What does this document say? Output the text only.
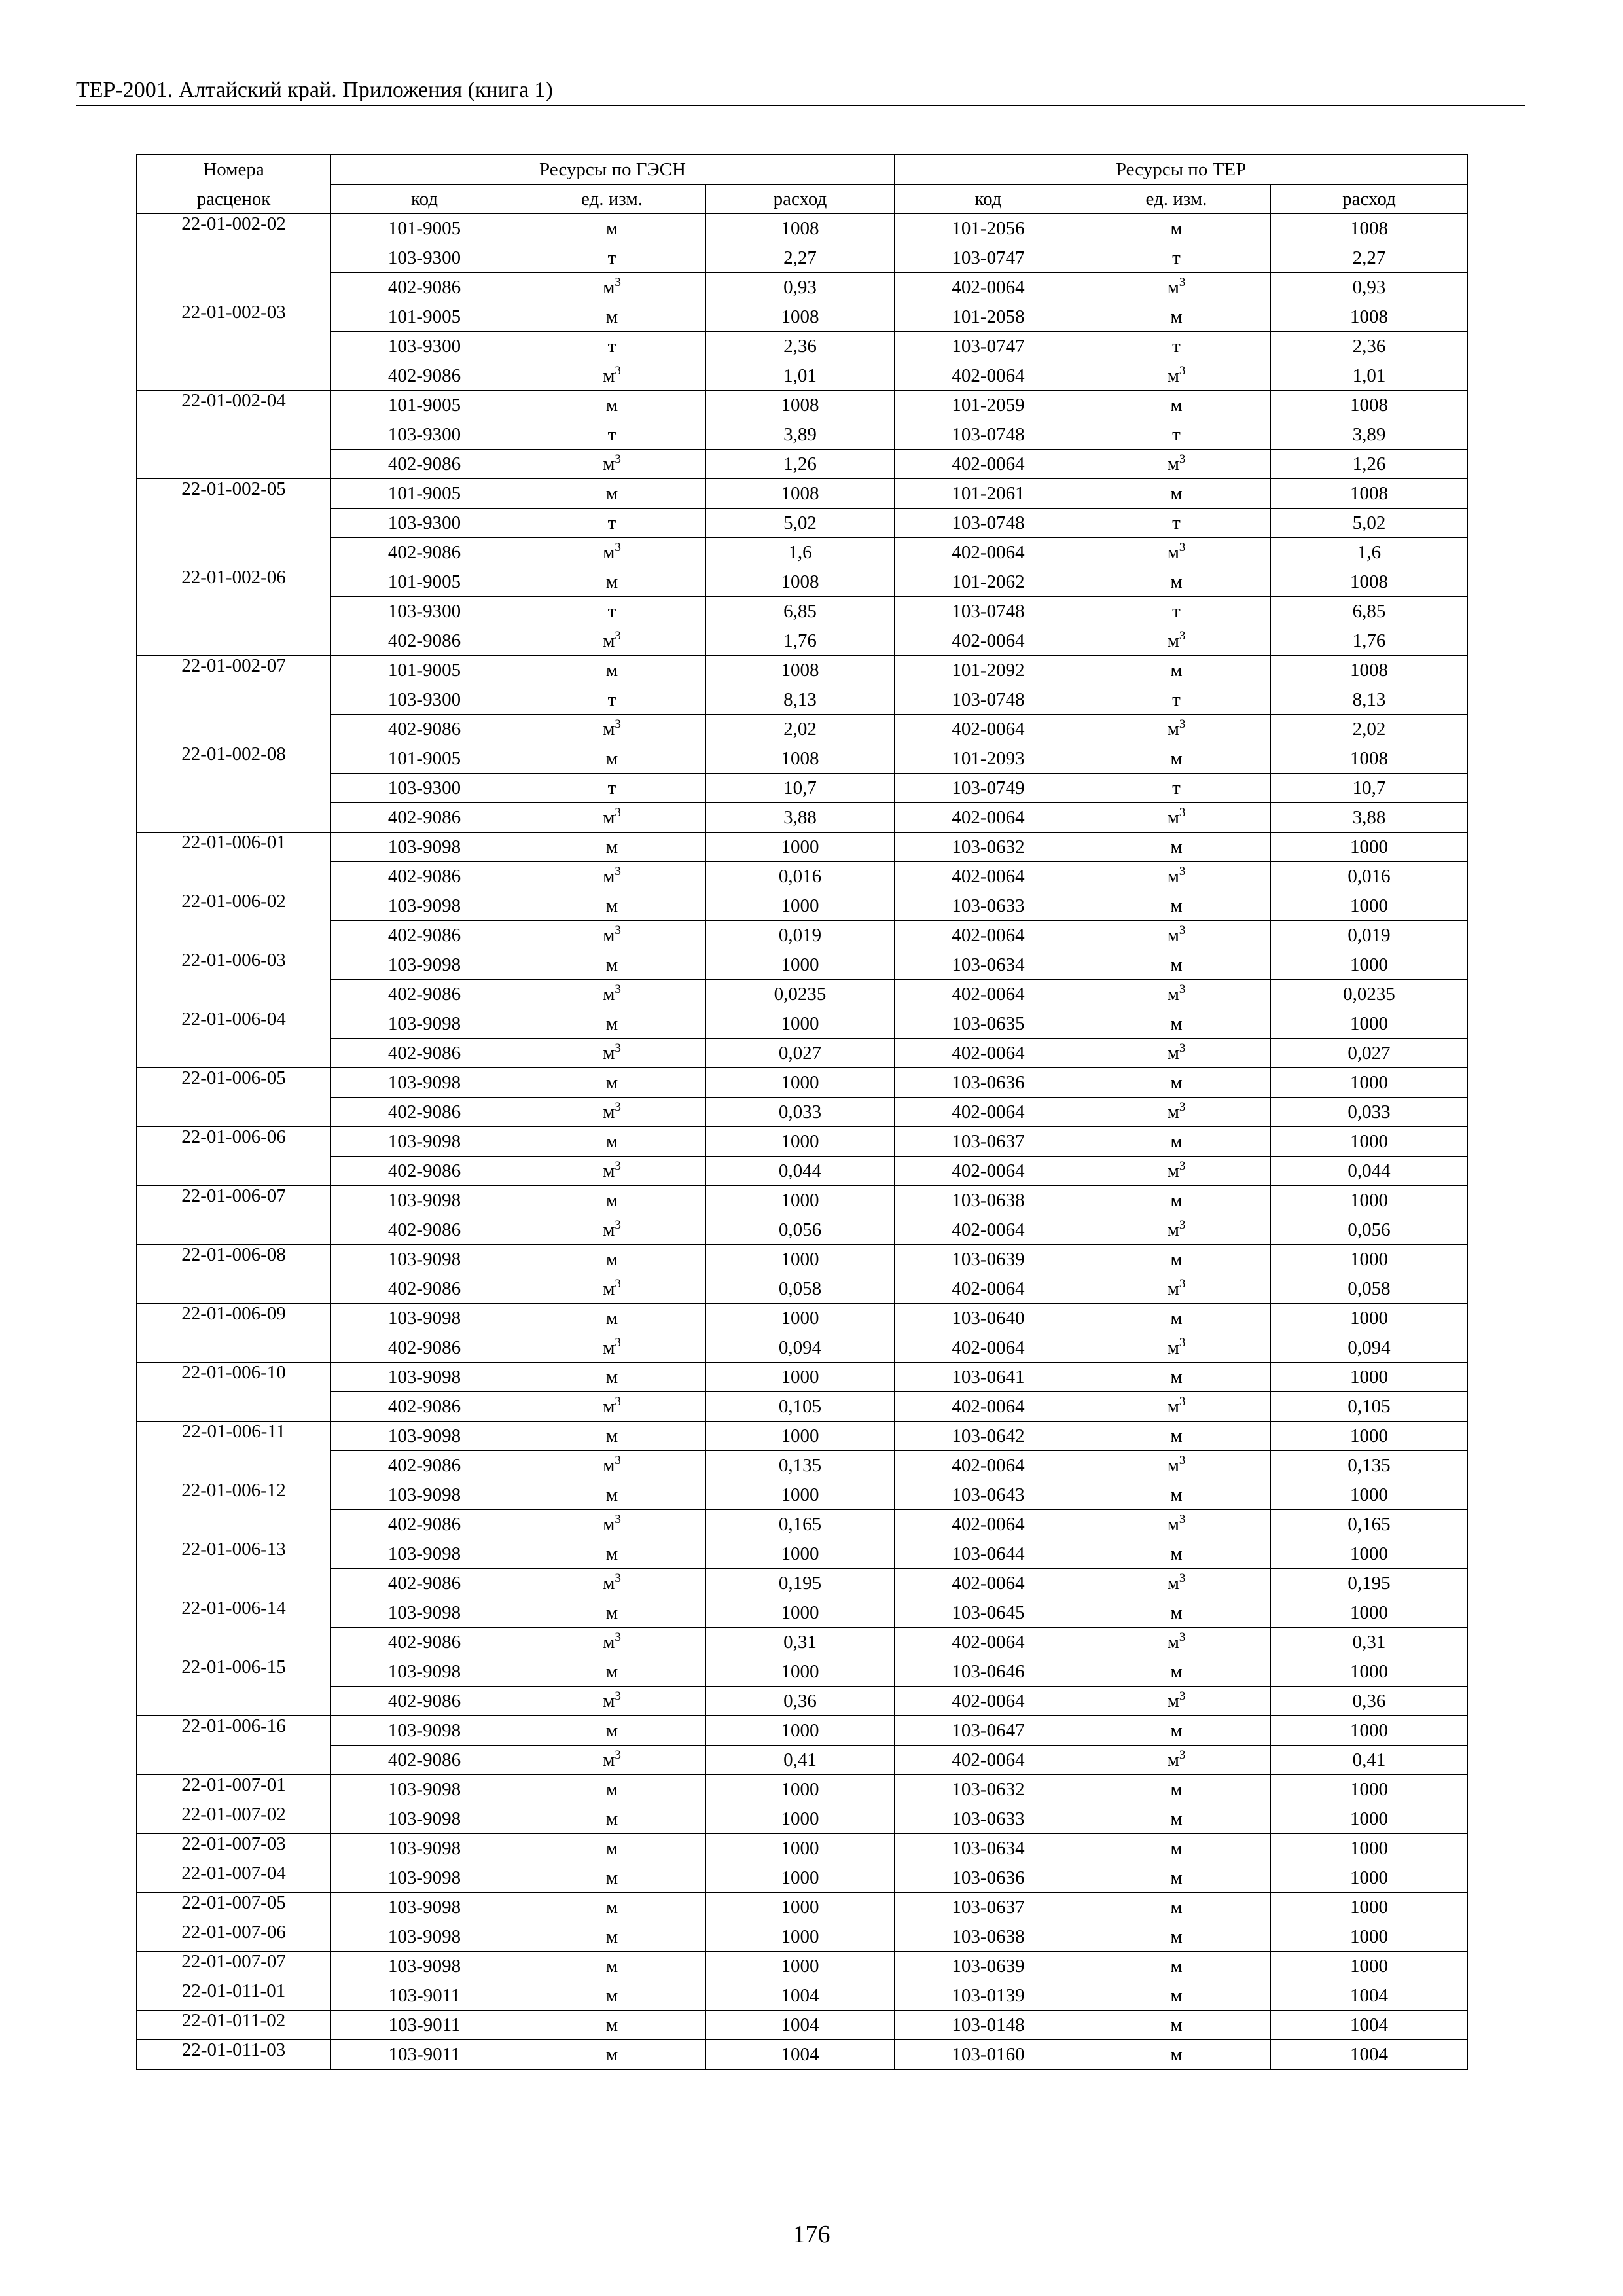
ТЕР-2001. Алтайский край. Приложения (книга 1)
Номера	Ресурсы по ГЭСН			Ресурсы по ТЕР		
расценок	код	ед. изм.	расход	код	ед. изм.	расход
22-01-002-02	101-9005	м	1008	101-2056	м	1008
	103-9300	т	2,27	103-0747	т	2,27
	402-9086	$м^3$	0,93	402-0064	$м^3$	0,93
22-01-002-03	101-9005	м	1008	101-2058	м	1008
	103-9300	т	2,36	103-0747	т	2,36
	402-9086	$м^3$	1,01	402-0064	$м^3$	1,01
22-01-002-04	101-9005	м	1008	101-2059	м	1008
	103-9300	т	3,89	103-0748	т	3,89
	402-9086	$м^3$	1,26	402-0064	$м^3$	1,26
22-01-002-05	101-9005	м	1008	101-2061	м	1008
	103-9300	т	5,02	103-0748	т	5,02
	402-9086	$м^3$	1,6	402-0064	$м^3$	1,6
22-01-002-06	101-9005	м	1008	101-2062	м	1008
	103-9300	т	6,85	103-0748	т	6,85
	402-9086	$м^3$	1,76	402-0064	$м^3$	1,76
22-01-002-07	101-9005	м	1008	101-2092	м	1008
	103-9300	т	8,13	103-0748	т	8,13
	402-9086	$м^3$	2,02	402-0064	$м^3$	2,02
22-01-002-08	101-9005	м	1008	101-2093	м	1008
	103-9300	т	10,7	103-0749	т	10,7
	402-9086	$м^3$	3,88	402-0064	$м^3$	3,88
22-01-006-01	103-9098	м	1000	103-0632	м	1000
	402-9086	$м^3$	0,016	402-0064	$м^3$	0,016
22-01-006-02	103-9098	м	1000	103-0633	м	1000
	402-9086	$м^3$	0,019	402-0064	$м^3$	0,019
22-01-006-03	103-9098	м	1000	103-0634	м	1000
	402-9086	$м^3$	0,0235	402-0064	$м^3$	0,0235
22-01-006-04	103-9098	м	1000	103-0635	м	1000
	402-9086	$м^3$	0,027	402-0064	$м^3$	0,027
22-01-006-05	103-9098	м	1000	103-0636	м	1000
	402-9086	$м^3$	0,033	402-0064	$м^3$	0,033
22-01-006-06	103-9098	м	1000	103-0637	м	1000
	402-9086	$м^3$	0,044	402-0064	$м^3$	0,044
22-01-006-07	103-9098	м	1000	103-0638	м	1000
	402-9086	$м^3$	0,056	402-0064	$м^3$	0,056
22-01-006-08	103-9098	м	1000	103-0639	м	1000
	402-9086	$м^3$	0,058	402-0064	$м^3$	0,058
22-01-006-09	103-9098	м	1000	103-0640	м	1000
	402-9086	$м^3$	0,094	402-0064	$м^3$	0,094
22-01-006-10	103-9098	м	1000	103-0641	м	1000
	402-9086	$м^3$	0,105	402-0064	$м^3$	0,105
22-01-006-11	103-9098	м	1000	103-0642	м	1000
	402-9086	$м^3$	0,135	402-0064	$м^3$	0,135
22-01-006-12	103-9098	м	1000	103-0643	м	1000
	402-9086	$м^3$	0,165	402-0064	$м^3$	0,165
22-01-006-13	103-9098	м	1000	103-0644	м	1000
	402-9086	$м^3$	0,195	402-0064	$м^3$	0,195
22-01-006-14	103-9098	м	1000	103-0645	м	1000
	402-9086	$м^3$	0,31	402-0064	$м^3$	0,31
22-01-006-15	103-9098	м	1000	103-0646	м	1000
	402-9086	$м^3$	0,36	402-0064	$м^3$	0,36
22-01-006-16	103-9098	м	1000	103-0647	м	1000
	402-9086	$м^3$	0,41	402-0064	$м^3$	0,41
22-01-007-01	103-9098	м	1000	103-0632	м	1000
22-01-007-02	103-9098	м	1000	103-0633	м	1000
22-01-007-03	103-9098	м	1000	103-0634	м	1000
22-01-007-04	103-9098	м	1000	103-0636	м	1000
22-01-007-05	103-9098	м	1000	103-0637	м	1000
22-01-007-06	103-9098	м	1000	103-0638	м	1000
22-01-007-07	103-9098	м	1000	103-0639	м	1000
22-01-011-01	103-9011	м	1004	103-0139	м	1004
22-01-011-02	103-9011	м	1004	103-0148	м	1004
22-01-011-03	103-9011	м	1004	103-0160	м	1004
176
